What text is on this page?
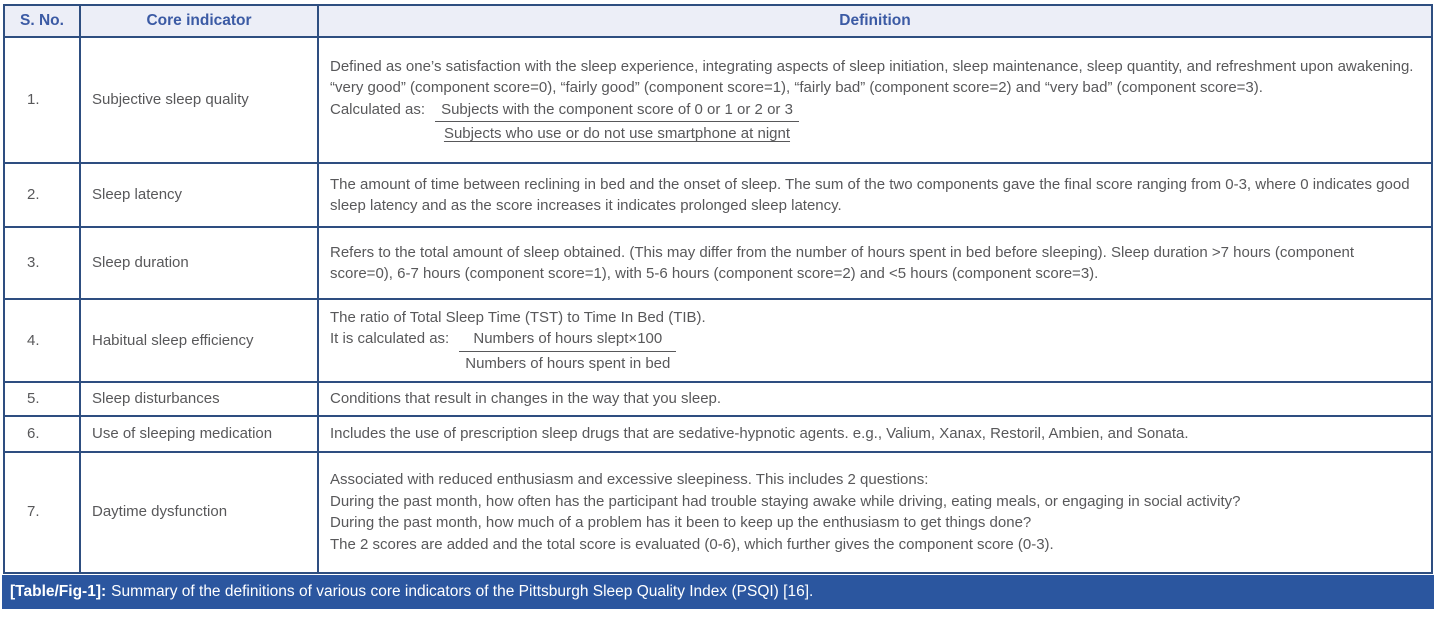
S. No.	Core indicator	Definition
1.	Subjective sleep quality	Defined as one’s satisfaction with the sleep experience, integrating aspects of sleep initiation, sleep maintenance, sleep quantity, and refreshment upon awakening. “very good” (component score=0), “fairly good” (component score=1), “fairly bad” (component score=2) and “very bad” (component score=3).
Calculated as: $\frac{\text{Subjects with the component score of 0 or 1 or 2 or 3}}{\text{Subjects who use or do not use smartphone at nignt}}$

2.	Sleep latency	The amount of time between reclining in bed and the onset of sleep. The sum of the two components gave the final score ranging from 0-3, where 0 indicates good sleep latency and as the score increases it indicates prolonged sleep latency.

3.	Sleep duration	Refers to the total amount of sleep obtained. (This may differ from the number of hours spent in bed before sleeping). Sleep duration >7 hours (component score=0), 6-7 hours (component score=1), with 5-6 hours (component score=2) and <5 hours (component score=3).

4.	Habitual sleep efficiency	The ratio of Total Sleep Time (TST) to Time In Bed (TIB).
It is calculated as: $\frac{\text{Numbers of hours slept×100}}{\text{Numbers of hours spent in bed}}$

5.	Sleep disturbances	Conditions that result in changes in the way that you sleep.

6.	Use of sleeping medication	Includes the use of prescription sleep drugs that are sedative-hypnotic agents. e.g., Valium, Xanax, Restoril, Ambien, and Sonata.

7.	Daytime dysfunction	Associated with reduced enthusiasm and excessive sleepiness. This includes 2 questions:
During the past month, how often has the participant had trouble staying awake while driving, eating meals, or engaging in social activity?
During the past month, how much of a problem has it been to keep up the enthusiasm to get things done?
The 2 scores are added and the total score is evaluated (0-6), which further gives the component score (0-3).
[Table/Fig-1]: Summary of the definitions of various core indicators of the Pittsburgh Sleep Quality Index (PSQI) [16].
